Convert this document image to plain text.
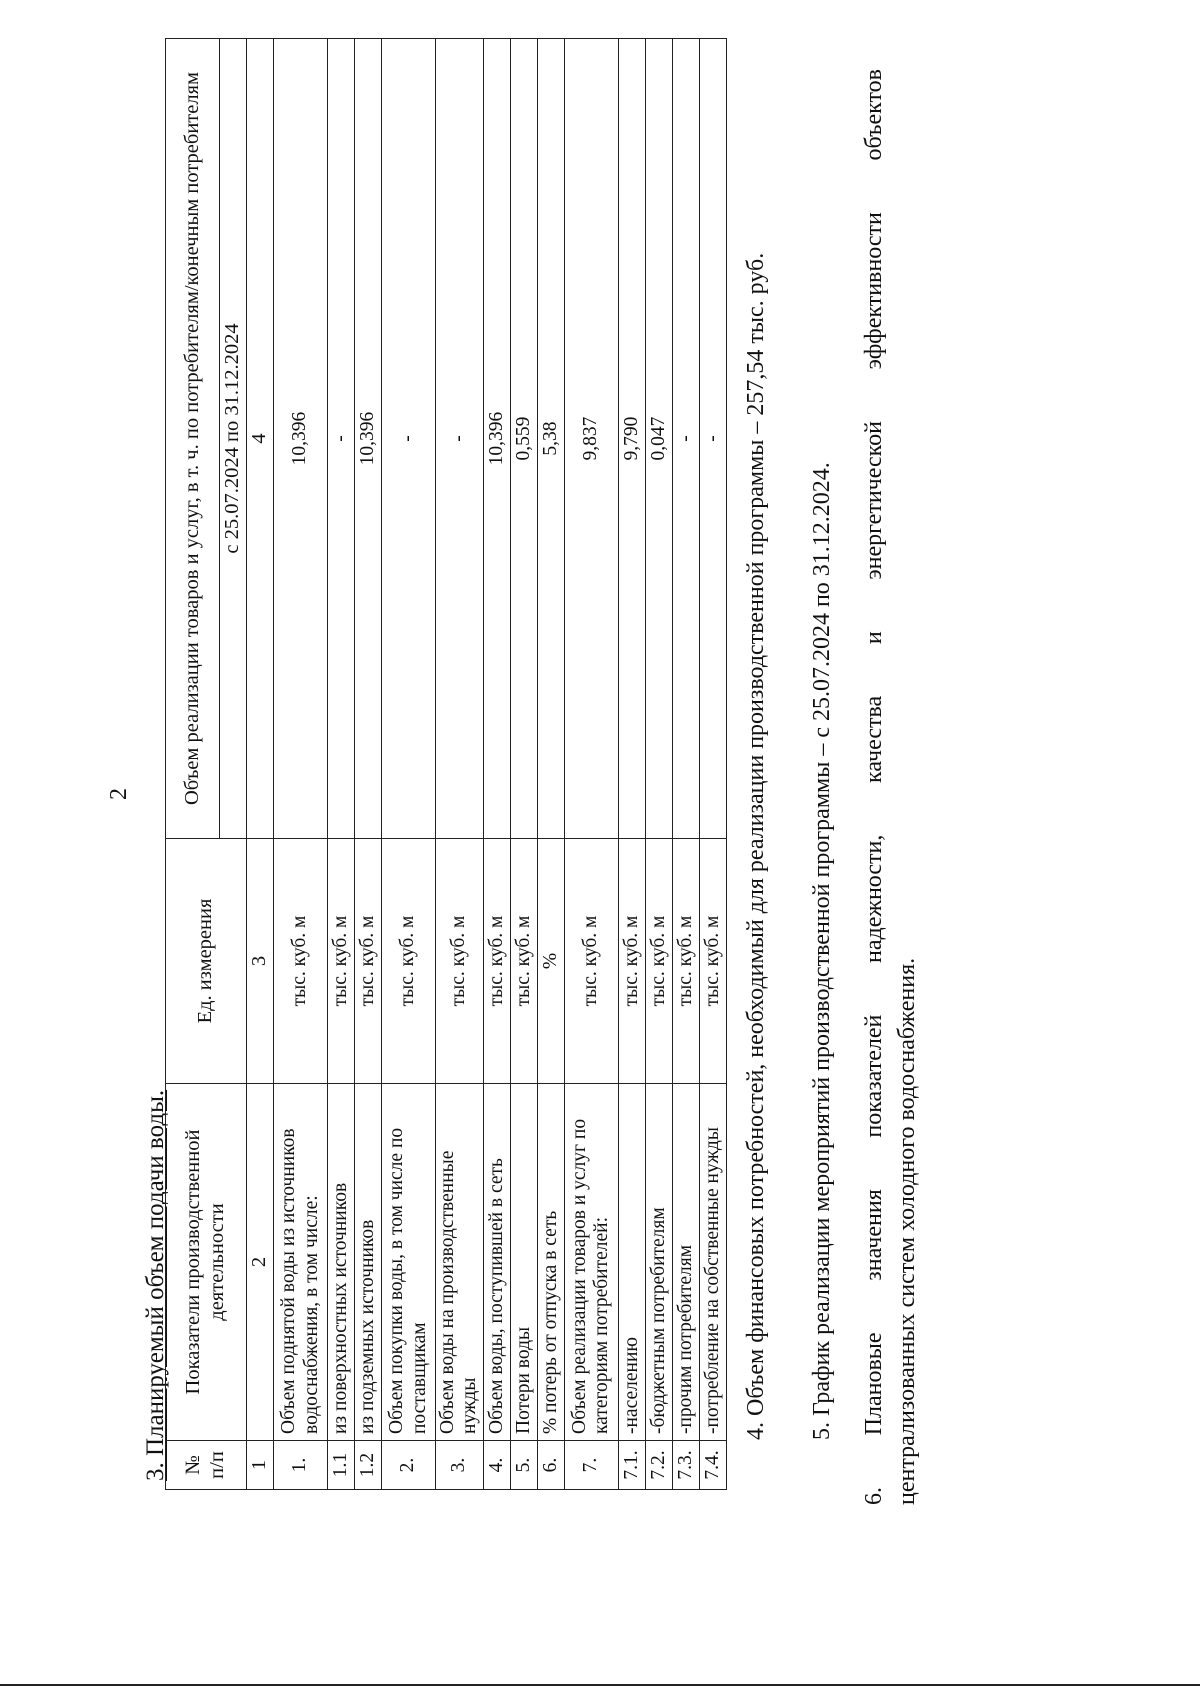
2
3. Планируемый объем подачи воды. № п/п	Показатели производственной деятельности	Ед. измерения	Объем реализации товаров и услуг, в т. ч. по потребителям/конечным потребителям
			с 25.07.2024 по 31.12.2024
1	2	3	4
1.	Объем поднятой воды из источников водоснабжения, в том числе:	тыс. куб. м	10,396
1.1	из поверхностных источников	тыс. куб. м	-
1.2	из подземных источников	тыс. куб. м	10,396
2.	Объем покупки воды, в том числе по поставщикам	тыс. куб. м	-
3.	Объем воды на производственные нужды	тыс. куб. м	-
4.	Объем воды, поступившей в сеть	тыс. куб. м	10,396
5.	Потери воды	тыс. куб. м	0,559
6.	% потерь от отпуска в сеть	%	5,38
7.	Объем реализации товаров и услуг по категориям потребителей:	тыс. куб. м	9,837
7.1.	-населению	тыс. куб. м	9,790
7.2.	-бюджетным потребителям	тыс. куб. м	0,047
7.3.	-прочим потребителям	тыс. куб. м	-
7.4.	-потребление на собственные нужды	тыс. куб. м	- 4. Объем финансовых потребностей, необходимый для реализации производственной программы – 257,54 тыс. руб. 5. График реализации мероприятий производственной программы – с 25.07.2024 по 31.12.2024. 6. Плановые значения показателей надежности, качества и энергетической эффективности объектов централизованных систем холодного водоснабжения.
